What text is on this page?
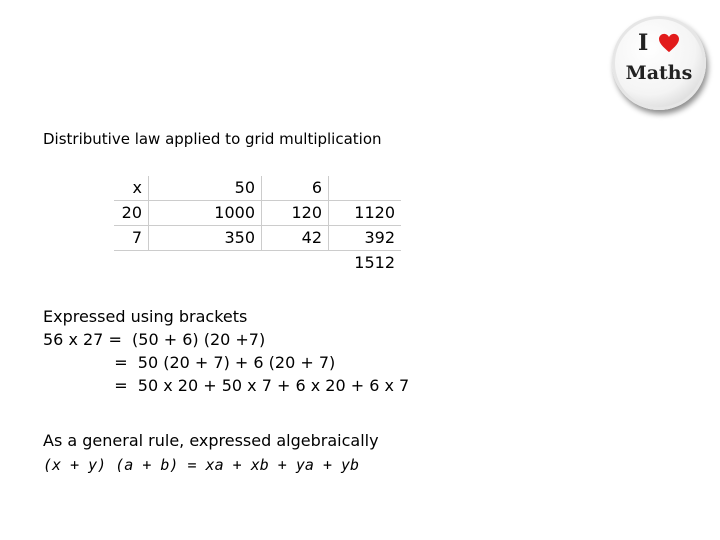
I
Maths
Distributive law applied to grid multiplication
x	50	6	
20	1000	120	1120
7	350	42	392
			1512
Expressed using brackets
56 x 27 =  (50 + 6) (20 +7)
=  50 (20 + 7) + 6 (20 + 7)
=  50 x 20 + 50 x 7 + 6 x 20 + 6 x 7
As a general rule, expressed algebraically
(x + y) (a + b) = xa + xb + ya + yb
